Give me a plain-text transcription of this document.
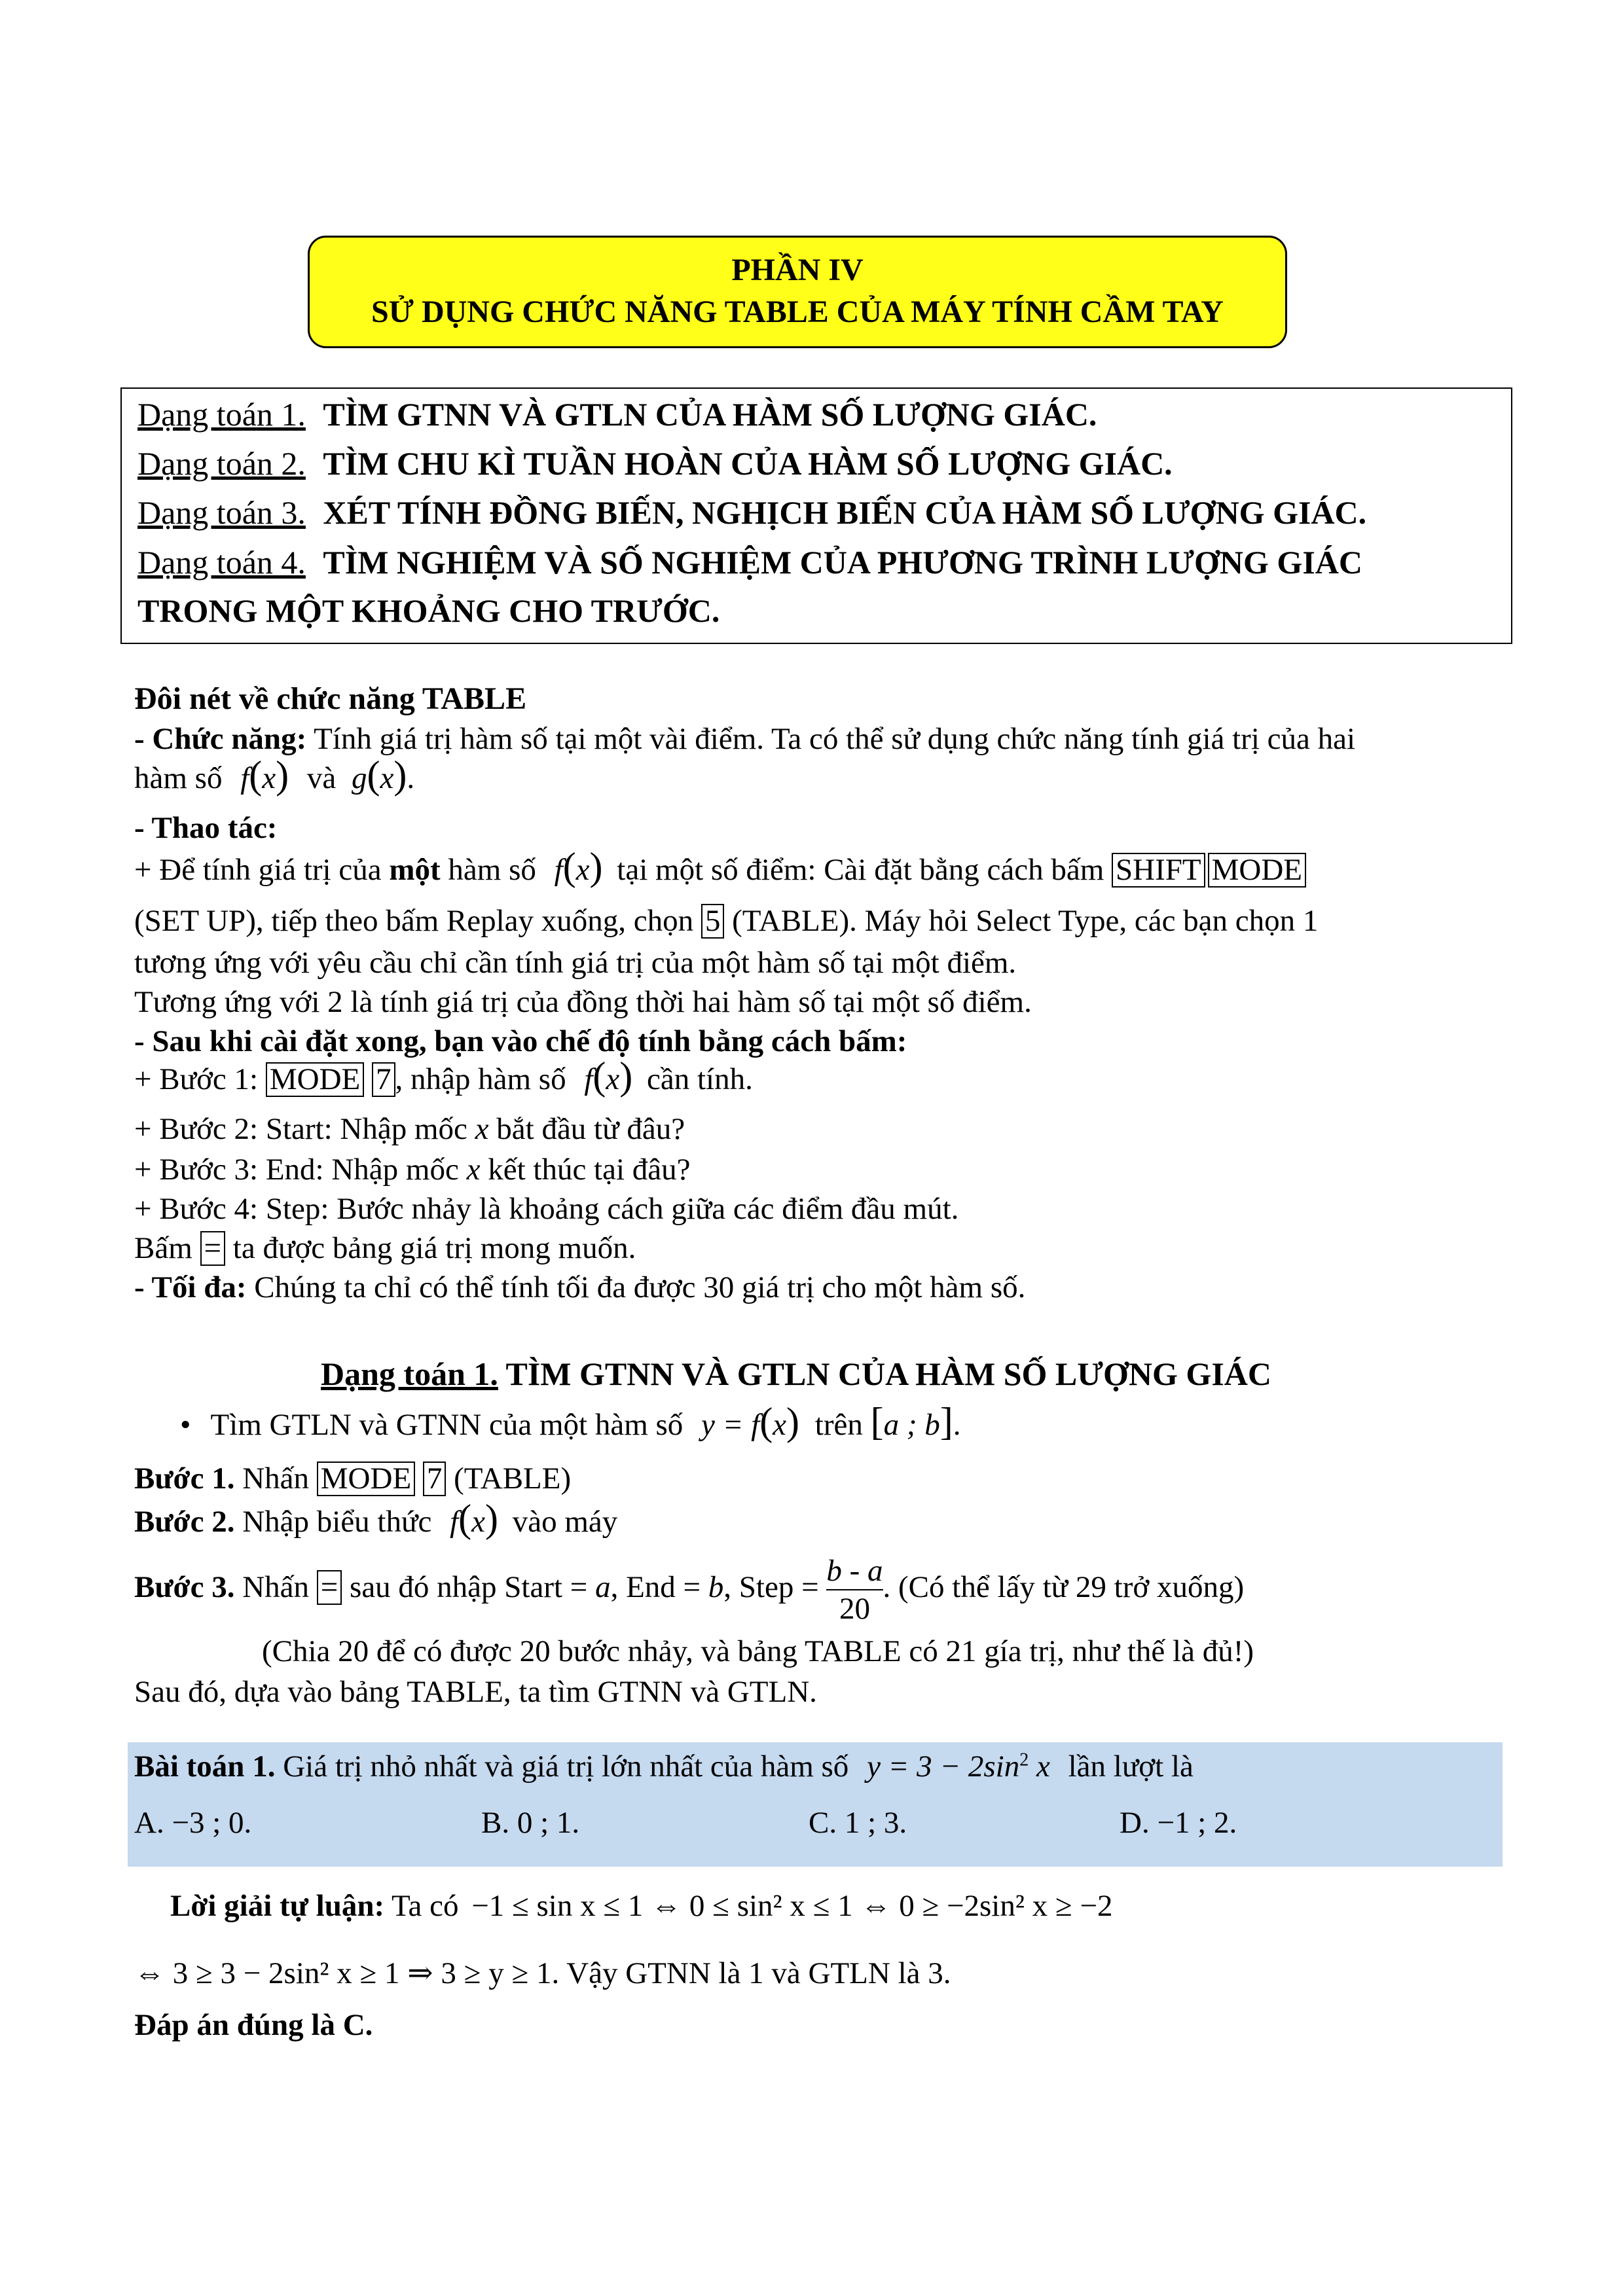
PHẦN IV
SỬ DỤNG CHỨC NĂNG TABLE CỦA MÁY TÍNH CẦM TAY
Dạng toán 1. TÌM GTNN VÀ GTLN CỦA HÀM SỐ LƯỢNG GIÁC.
Dạng toán 2. TÌM CHU KÌ TUẦN HOÀN CỦA HÀM SỐ LƯỢNG GIÁC.
Dạng toán 3. XÉT TÍNH ĐỒNG BIẾN, NGHỊCH BIẾN CỦA HÀM SỐ LƯỢNG GIÁC.
Dạng toán 4. TÌM NGHIỆM VÀ SỐ NGHIỆM CỦA PHƯƠNG TRÌNH LƯỢNG GIÁC
TRONG MỘT KHOẢNG CHO TRƯỚC.
Đôi nét về chức năng TABLE
- Chức năng: Tính giá trị hàm số tại một vài điểm. Ta có thể sử dụng chức năng tính giá trị của hai
hàm số f(x) và g(x).
- Thao tác:
+ Để tính giá trị của một hàm số f(x) tại một số điểm: Cài đặt bằng cách bấm SHIFT MODE
(SET UP), tiếp theo bấm Replay xuống, chọn 5 (TABLE). Máy hỏi Select Type, các bạn chọn 1
tương ứng với yêu cầu chỉ cần tính giá trị của một hàm số tại một điểm.
Tương ứng với 2 là tính giá trị của đồng thời hai hàm số tại một số điểm.
- Sau khi cài đặt xong, bạn vào chế độ tính bằng cách bấm:
+ Bước 1: MODE 7 , nhập hàm số f(x) cần tính.
+ Bước 2: Start: Nhập mốc x bắt đầu từ đâu?
+ Bước 3: End: Nhập mốc x kết thúc tại đâu?
+ Bước 4: Step: Bước nhảy là khoảng cách giữa các điểm đầu mút.
Bấm = ta được bảng giá trị mong muốn.
- Tối đa: Chúng ta chỉ có thể tính tối đa được 30 giá trị cho một hàm số.
Dạng toán 1. TÌM GTNN VÀ GTLN CỦA HÀM SỐ LƯỢNG GIÁC
• Tìm GTLN và GTNN của một hàm số y = f(x) trên [a ; b].
Bước 1. Nhấn MODE 7 (TABLE)
Bước 2. Nhập biểu thức f(x) vào máy
Bước 3. Nhấn = sau đó nhập Start = a, End = b, Step = $\frac{b - a}{20}$ . (Có thể lấy từ 29 trở xuống)
(Chia 20 để có được 20 bước nhảy, và bảng TABLE có 21 gía trị, như thế là đủ!)
Sau đó, dựa vào bảng TABLE, ta tìm GTNN và GTLN.
Bài toán 1. Giá trị nhỏ nhất và giá trị lớn nhất của hàm số $y = 3 - 2\sin^2$ x lần lượt là
A. −3 ; 0.	B. 0 ; 1.	C. 1 ; 3.	D. −1 ; 2.
Lời giải tự luận: Ta có −1 ≤ sin x ≤ 1 ⇔ 0 ≤ sin² x ≤ 1 ⇔ 0 ≥ −2sin² x ≥ −2
⇔ 3 ≥ 3 − 2sin² x ≥ 1 ⇒ 3 ≥ y ≥ 1. Vậy GTNN là 1 và GTLN là 3.
Đáp án đúng là C.
